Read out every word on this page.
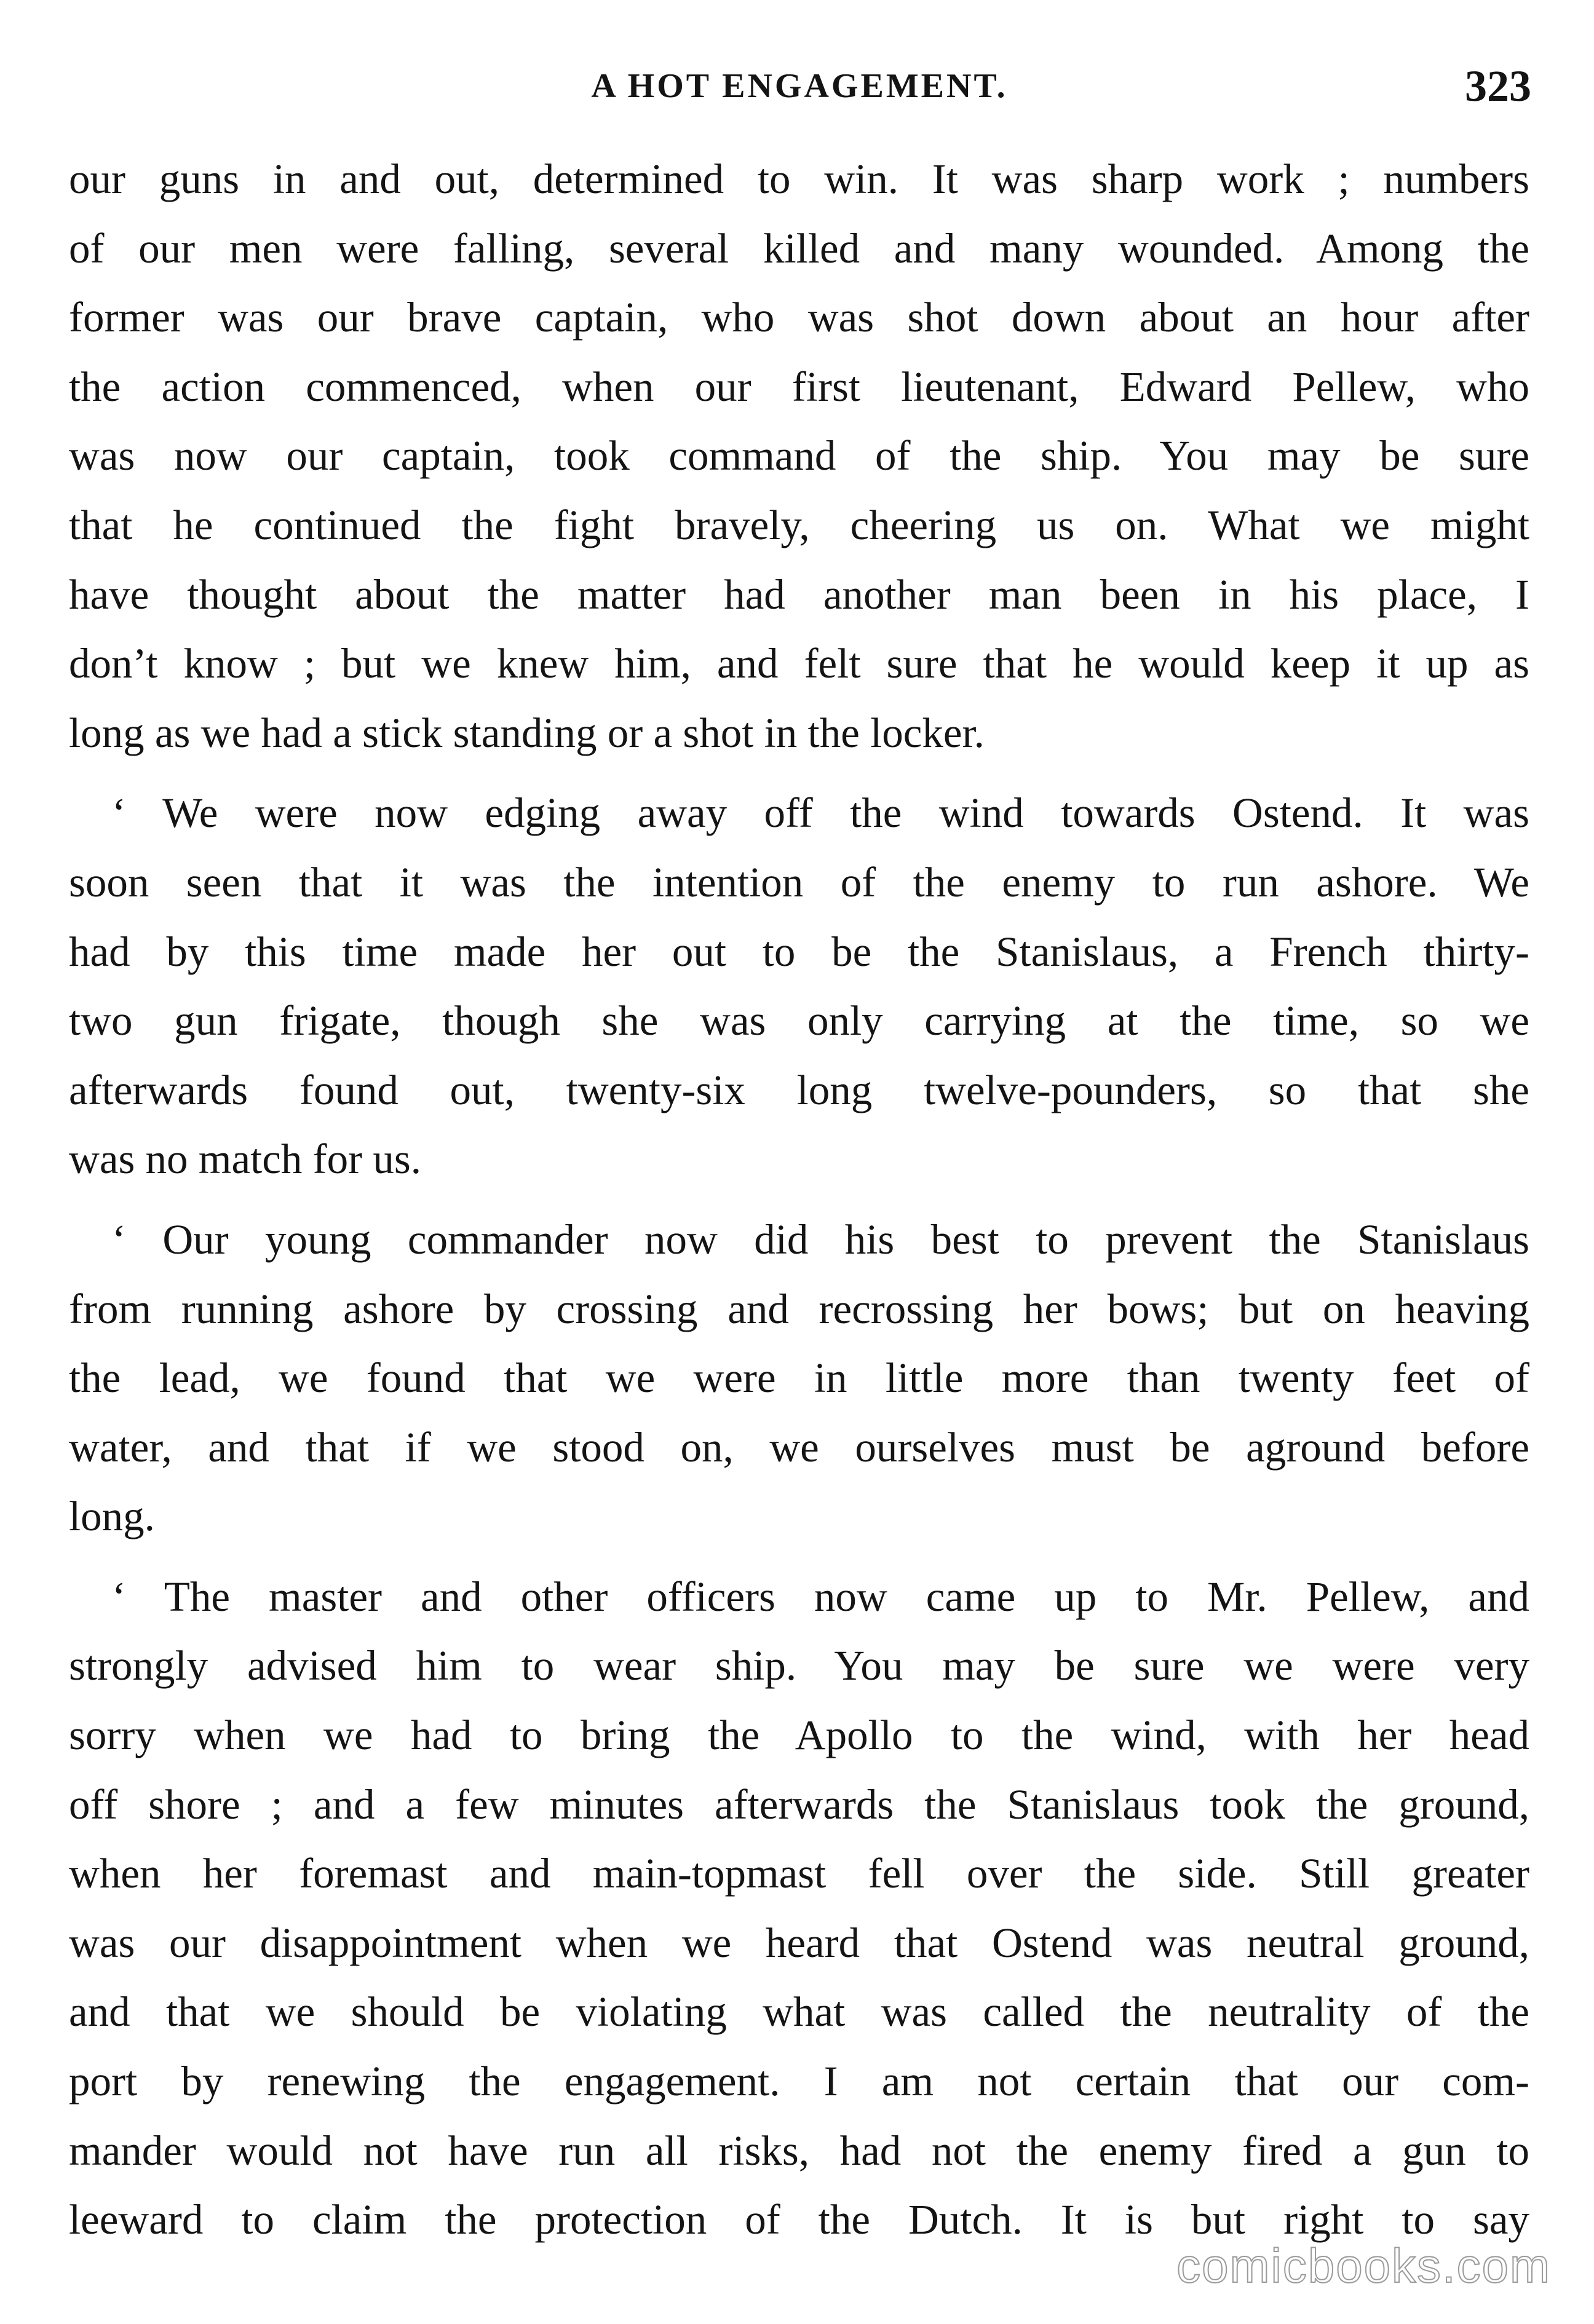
A HOT ENGAGEMENT.	323

our guns in and out, determined to win. It was sharp work ; numbers
of our men were falling, several killed and many wounded. Among the
former was our brave captain, who was shot down about an hour after
the action commenced, when our first lieutenant, Edward Pellew, who
was now our captain, took command of the ship. You may be sure
that he continued the fight bravely, cheering us on. What we might
have thought about the matter had another man been in his place, I
don’t know ; but we knew him, and felt sure that he would keep it up as
long as we had a stick standing or a shot in the locker.

‘ We were now edging away off the wind towards Ostend. It was
soon seen that it was the intention of the enemy to run ashore. We
had by this time made her out to be the Stanislaus, a French thirty-
two gun frigate, though she was only carrying at the time, so we
afterwards found out, twenty-six long twelve-pounders, so that she
was no match for us.

‘ Our young commander now did his best to prevent the Stanislaus
from running ashore by crossing and recrossing her bows; but on heaving
the lead, we found that we were in little more than twenty feet of
water, and that if we stood on, we ourselves must be aground before
long.

‘ The master and other officers now came up to Mr. Pellew, and
strongly advised him to wear ship. You may be sure we were very
sorry when we had to bring the Apollo to the wind, with her head
off shore ; and a few minutes afterwards the Stanislaus took the ground,
when her foremast and main-topmast fell over the side. Still greater
was our disappointment when we heard that Ostend was neutral ground,
and that we should be violating what was called the neutrality of the
port by renewing the engagement. I am not certain that our com-
mander would not have run all risks, had not the enemy fired a gun to
leeward to claim the protection of the Dutch. It is but right to say

comicbooks.com
